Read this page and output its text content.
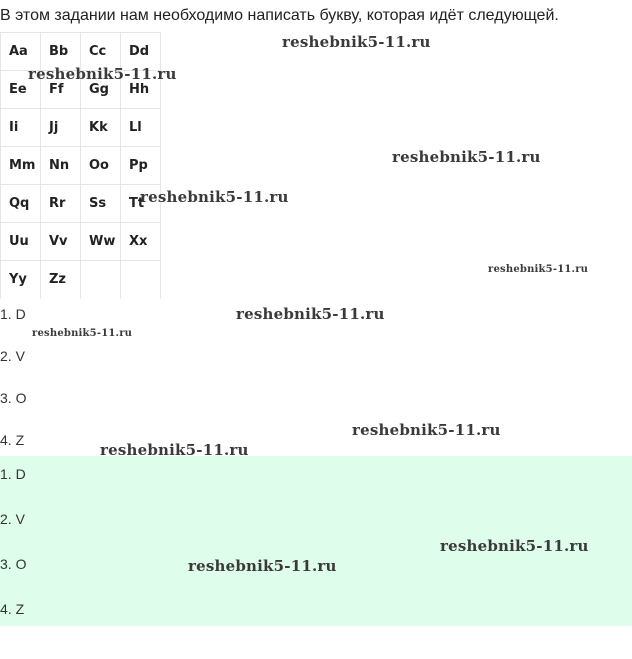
В этом задании нам необходимо написать букву, которая идёт следующей.
Aa	Bb	Cc	Dd
Ee	Ff	Gg	Hh
Ii	Jj	Kk	Ll
Mm	Nn	Oo	Pp
Qq	Rr	Ss	Tt
Uu	Vv	Ww	Xx
Yy	Zz		
1. D
2. V
3. O
4. Z
1. D
2. V
3. O
4. Z
reshebnik5-11.ru
reshebnik5-11.ru
reshebnik5-11.ru
reshebnik5-11.ru
reshebnik5-11.ru
reshebnik5-11.ru
reshebnik5-11.ru
reshebnik5-11.ru
reshebnik5-11.ru
reshebnik5-11.ru
reshebnik5-11.ru
